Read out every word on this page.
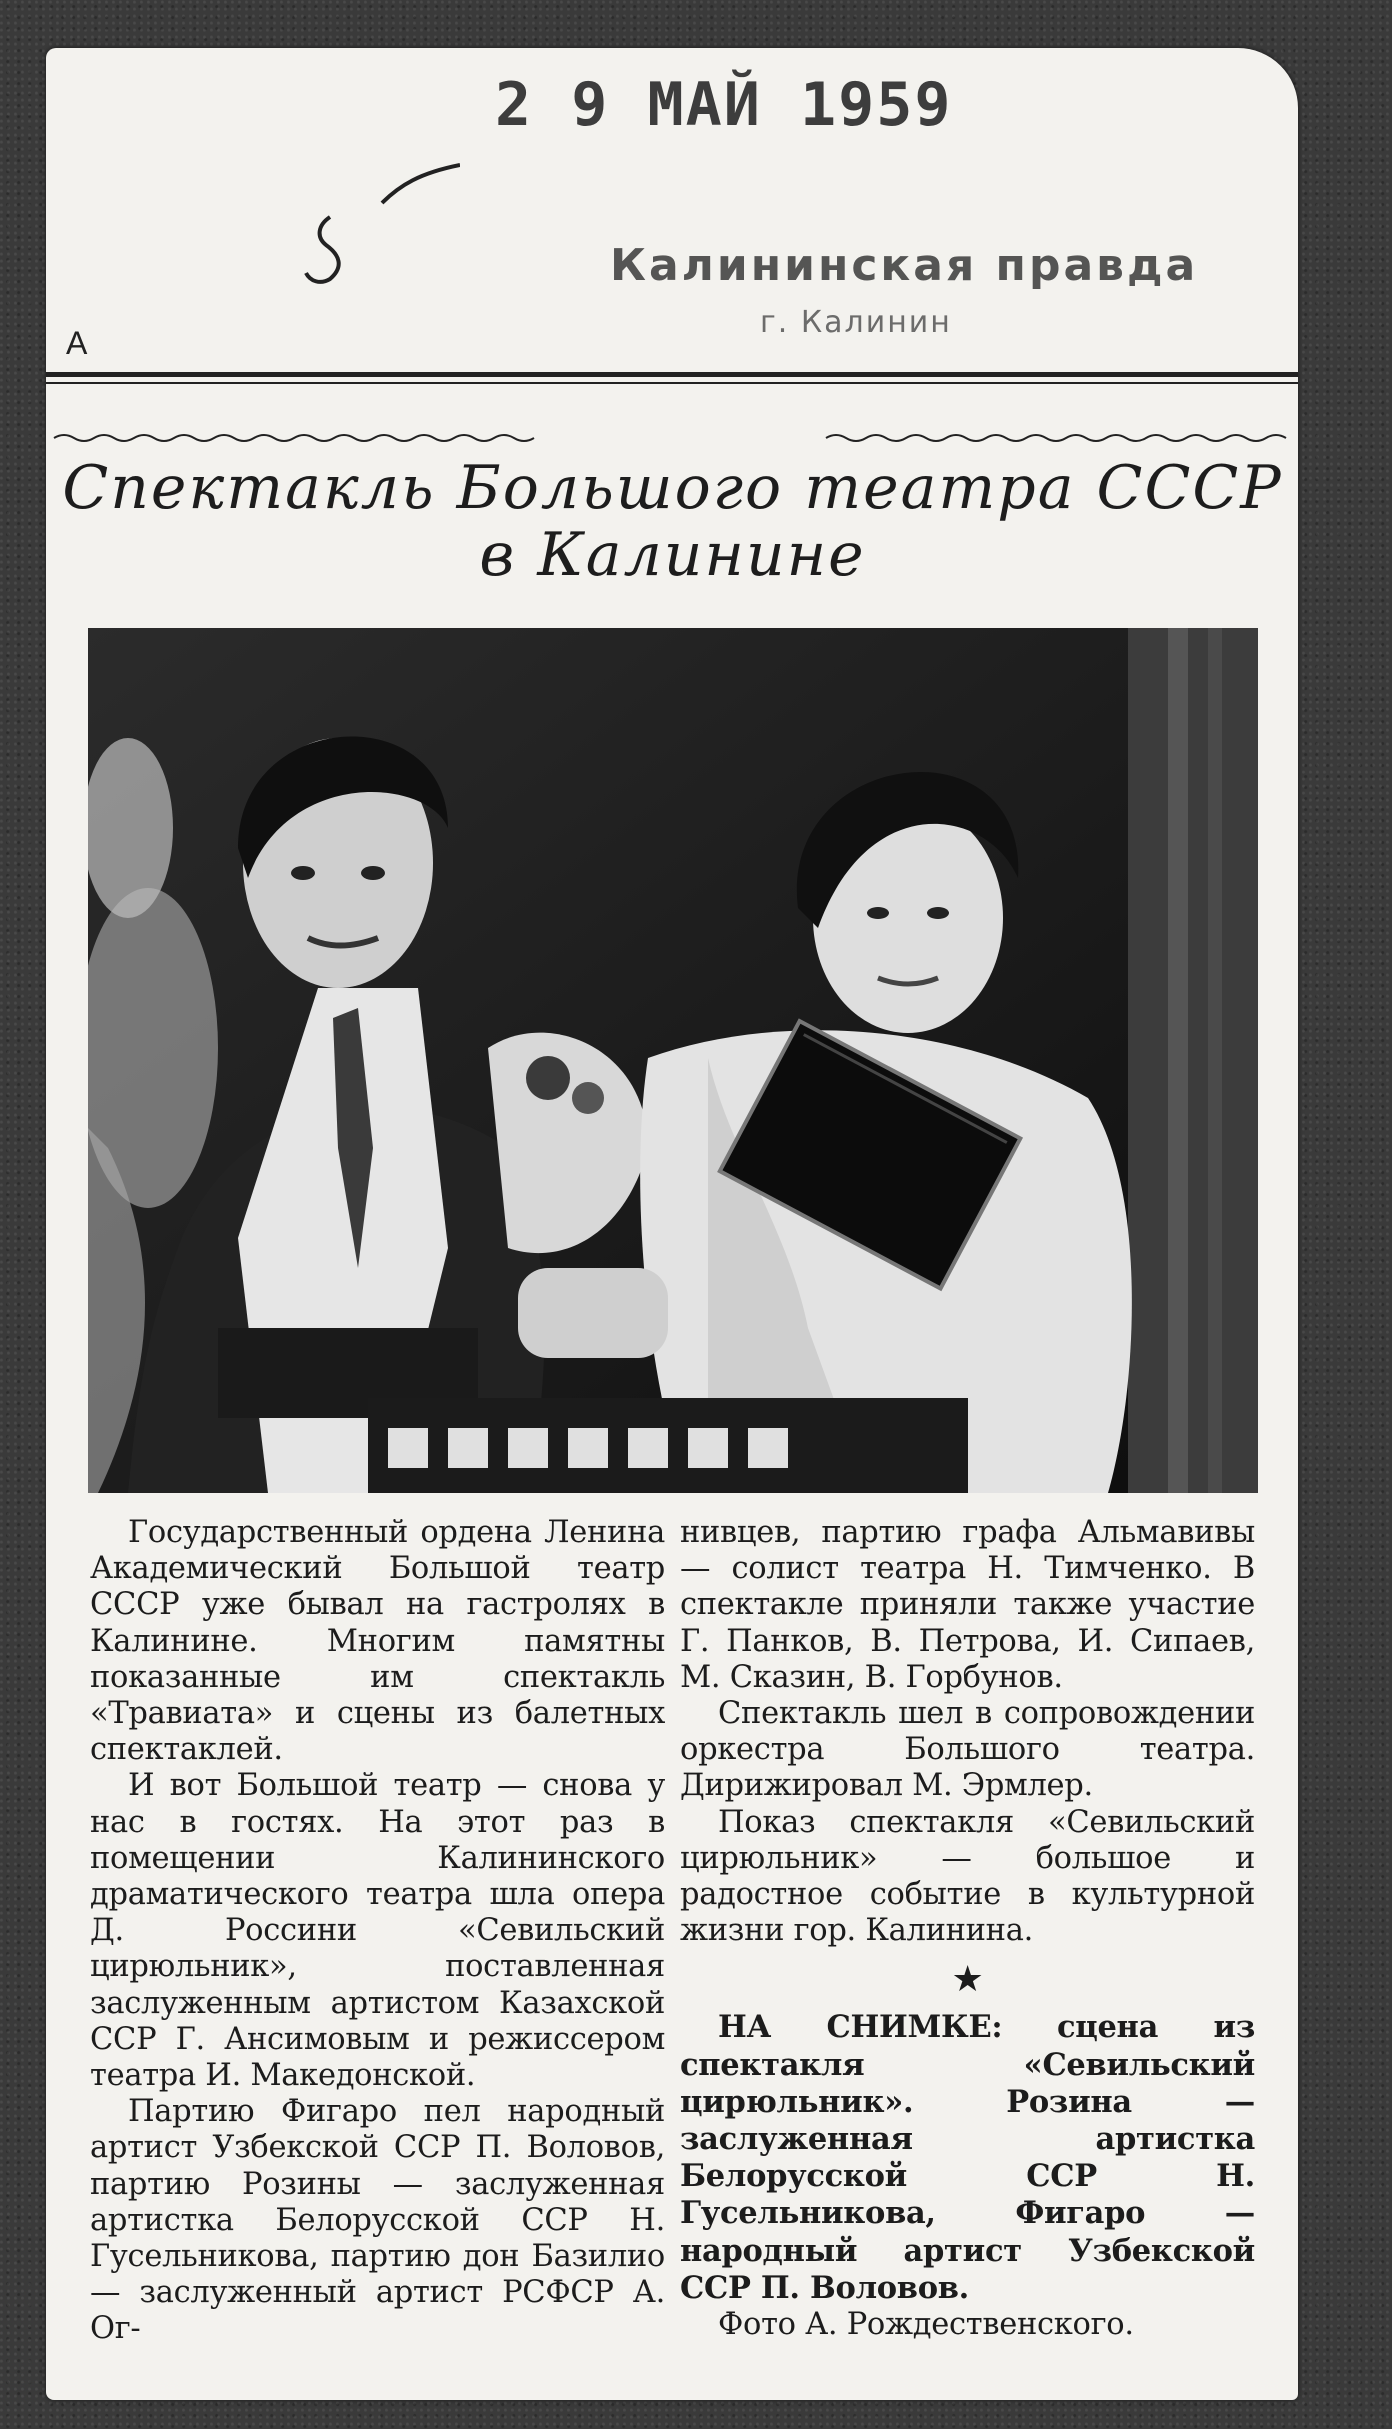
2 9 МАЙ 1959
Калининская правда
г. Калинин
А
Спектакль Большого театра СССР
в Калинине

Государственный ордена Ленина Академический Большой театр СССР уже бывал на гастролях в Калинине. Многим памятны показанные им спектакль «Травиата» и сцены из балетных спектаклей.

И вот Большой театр — снова у нас в гостях. На этот раз в помещении Калининского драматического театра шла опера Д. Россини «Севильский цирюльник», поставленная заслуженным артистом Казахской ССР Г. Ансимовым и режиссером театра И. Македонской.

Партию Фигаро пел народный артист Узбекской ССР П. Воловов, партию Розины — заслуженная артистка Белорусской ССР Н. Гусельникова, партию дон Базилио — заслуженный артист РСФСР А. Ог-

нивцев, партию графа Альмавивы — солист театра Н. Тимченко. В спектакле приняли также участие Г. Панков, В. Петрова, И. Сипаев, М. Сказин, В. Горбунов.

Спектакль шел в сопровождении оркестра Большого театра. Дирижировал М. Эрмлер.

Показ спектакля «Севильский цирюльник» — большое и радостное событие в культурной жизни гор. Калинина.

★

НА СНИМКЕ: сцена из спектакля «Севильский цирюльник». Розина — заслуженная артистка Белорусской ССР Н. Гусельникова, Фигаро — народный артист Узбекской ССР П. Воловов.

Фото А. Рождественского.
